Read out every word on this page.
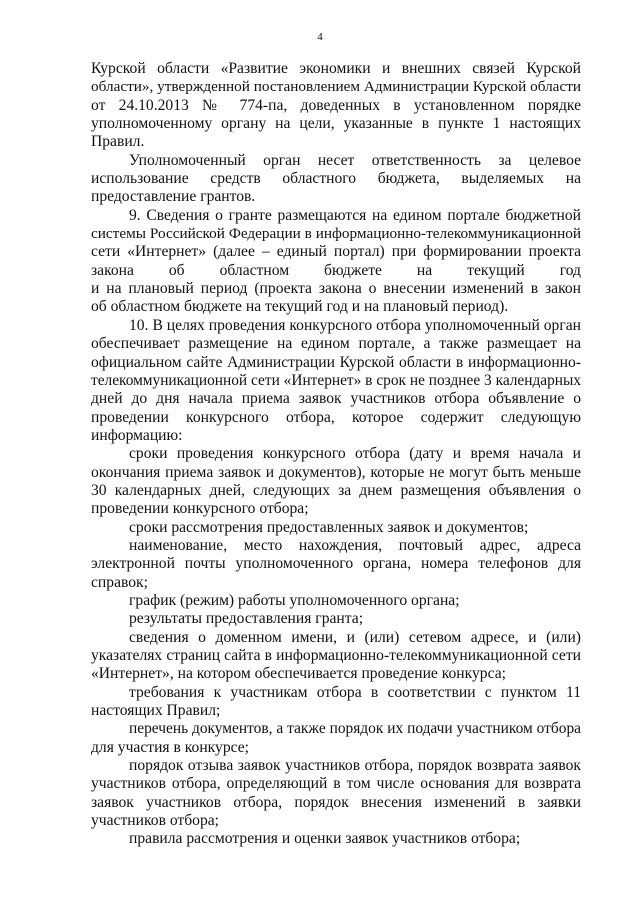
4
Курской области «Развитие экономики и внешних связей Курской
области», утвержденной постановлением Администрации Курской области
от 24.10.2013 № 774-па, доведенных в установленном порядке
уполномоченному органу на цели, указанные в пункте 1 настоящих
Правил.
Уполномоченный орган несет ответственность за целевое
использование средств областного бюджета, выделяемых на
предоставление грантов.
9. Сведения о гранте размещаются на едином портале бюджетной
системы Российской Федерации в информационно-телекоммуникационной
сети «Интернет» (далее – единый портал) при формировании проекта
закона об областном бюджете на текущий год
и на плановый период (проекта закона о внесении изменений в закон
об областном бюджете на текущий год и на плановый период).
10. В целях проведения конкурсного отбора уполномоченный орган
обеспечивает размещение на едином портале, а также размещает на
официальном сайте Администрации Курской области в информационно-
телекоммуникационной сети «Интернет» в срок не позднее 3 календарных
дней до дня начала приема заявок участников отбора объявление о
проведении конкурсного отбора, которое содержит следующую
информацию:
сроки проведения конкурсного отбора (дату и время начала и
окончания приема заявок и документов), которые не могут быть меньше
30 календарных дней, следующих за днем размещения объявления о
проведении конкурсного отбора;
сроки рассмотрения предоставленных заявок и документов;
наименование, место нахождения, почтовый адрес, адреса
электронной почты уполномоченного органа, номера телефонов для
справок;
график (режим) работы уполномоченного органа;
результаты предоставления гранта;
сведения о доменном имени, и (или) сетевом адресе, и (или)
указателях страниц сайта в информационно-телекоммуникационной сети
«Интернет», на котором обеспечивается проведение конкурса;
требования к участникам отбора в соответствии с пунктом 11
настоящих Правил;
перечень документов, а также порядок их подачи участником отбора
для участия в конкурсе;
порядок отзыва заявок участников отбора, порядок возврата заявок
участников отбора, определяющий в том числе основания для возврата
заявок участников отбора, порядок внесения изменений в заявки
участников отбора;
правила рассмотрения и оценки заявок участников отбора;
